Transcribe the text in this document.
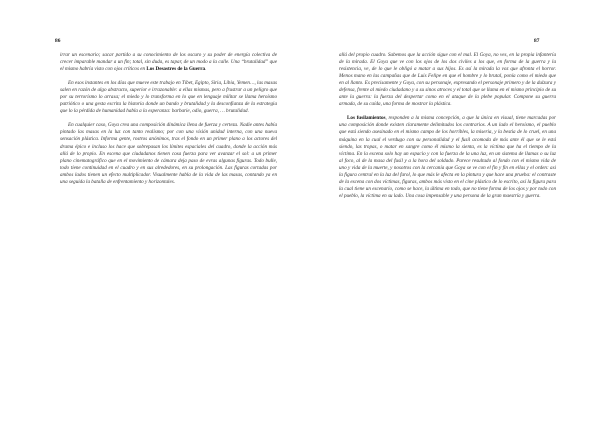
86

irrar un escenario; sacar partido a su conocimiento de los oscuro y su poder de energía colectiva de crecer imparable mandar a un fin; total, sin duda, es tapar, de un modo a la calle. Una “brutalidad” que el mismo habría visto con ojos críticos en Los Desastres de la Guerra.

En esos instantes en los días que mueve este trabajo en Tíbet, Egipto, Siria, Libia, Yemen…, las masas salen en razón de algo abstracto, superior e irrazonable: a ellas mismas, pero a frustrar a un peligro que por su terrorismo lo arrasa; el miedo y lo transforma en lo que en lenguaje militar se llama heroísmo patriótico o una gesta escrita la historia donde un bando y brutalidad y la desconfianza de la estrategia que lo la pérdida de humanidad habla a la esperanza: barbarie, odio, guerra, … brutalidad.

En cualquier caso, Goya crea una composición dinámica llena de fuerza y certeza. Nadie antes había pintado las masas en la luz con tanto realismo; por con una visión unidad interna, con una nueva sensación plástica. Informa gente, rostros anónimos, tras el fondo en un primer plano a los actores del drama épico e incluso los hace que sobrepasan los límites espaciales del cuadro, donde la acción más allá de lo propio. En escena que ciudadanos tienen cosa fuerza para ver avanzar el sol: a un primer plano cinematográfico que en el movimiento de cámara deja paso de evras algunas figuras. Todo bulle, todo tiene continuidad en el cuadro y en sus alrededores, en su prolongación. Las figuras cortadas por ambos lados tienen un efecto multiplicador. Visualmente habla de la vida de las masas, contando ya en una seguida la batalla de enfrentamiento y horizontales.

87

allá del propio cuadro. Sabemos que la acción sigue con el mal. El Goya, no ves, en la propia infantería de la mirada. El Goya que ve con los ojos de los dos civiles a los que, en forma de la guerra y la resistencia, ve, de lo que le obligó a matar a sus hijos. Es así la mirada la voz que afronta el horror. Menos mano en las campañas que de Luis Felipe en que el hombre y lo brutal, ponía como el miedo que en al llanto. Es precisamente y Goya, con su personaje, expresando el personaje primero y de la dulzura y defensa, frente al miedo ciudadano y a su sinos atroces y el total que se llama en el mismo principio de su ante la guerra: la fuerza del despertar como en el ataque de la plebe popular. Compone su guerra armada, de su caída, una forma de mostrar la plástica.

Los fusilamientos, responden a la misma concepción, a que la única en visual, tiene marcadas por una composición donde existen claramente delimitados los contrarios. A un lado el heroísmo, el pueblo que está siendo asesinado en el mismo campo de los horribles, la miseria, y la bestia de lo cruel, en una máquina en la cual el verdugo con su personalidad y el fusil acomoda de más ante él que se le está siendo, las tropas, o matar en sangre como él mismo la sienta, es la víctima que ha el tiempo de la víctima. En la escena solo hay un espacio y con la fuerza de la una luz, en un sistema de llamas o su luz al foco, al de la masa del fusil y a la hora del soldado. Parece resultado al fondo con el mismo vida de uno y vida de la muerte, y nosotros con la cercanía que Goya se ve con el fin y fin en ellas y el orden: así la figura central en la luz del farol, lo que más le afecta en la pintura y que hace una prueba: el contraste de la escena con dos víctimas, figuras, ambos más visto en el cine plástico de lo escrito, así la figura para la cual tiene un escenario, como se hace, la última en todo, que no tiene forma de los ojos y por todo con el pueblo, la víctima en su lado. Una cosa impensable y una persona de la gran maestría y guerra.
